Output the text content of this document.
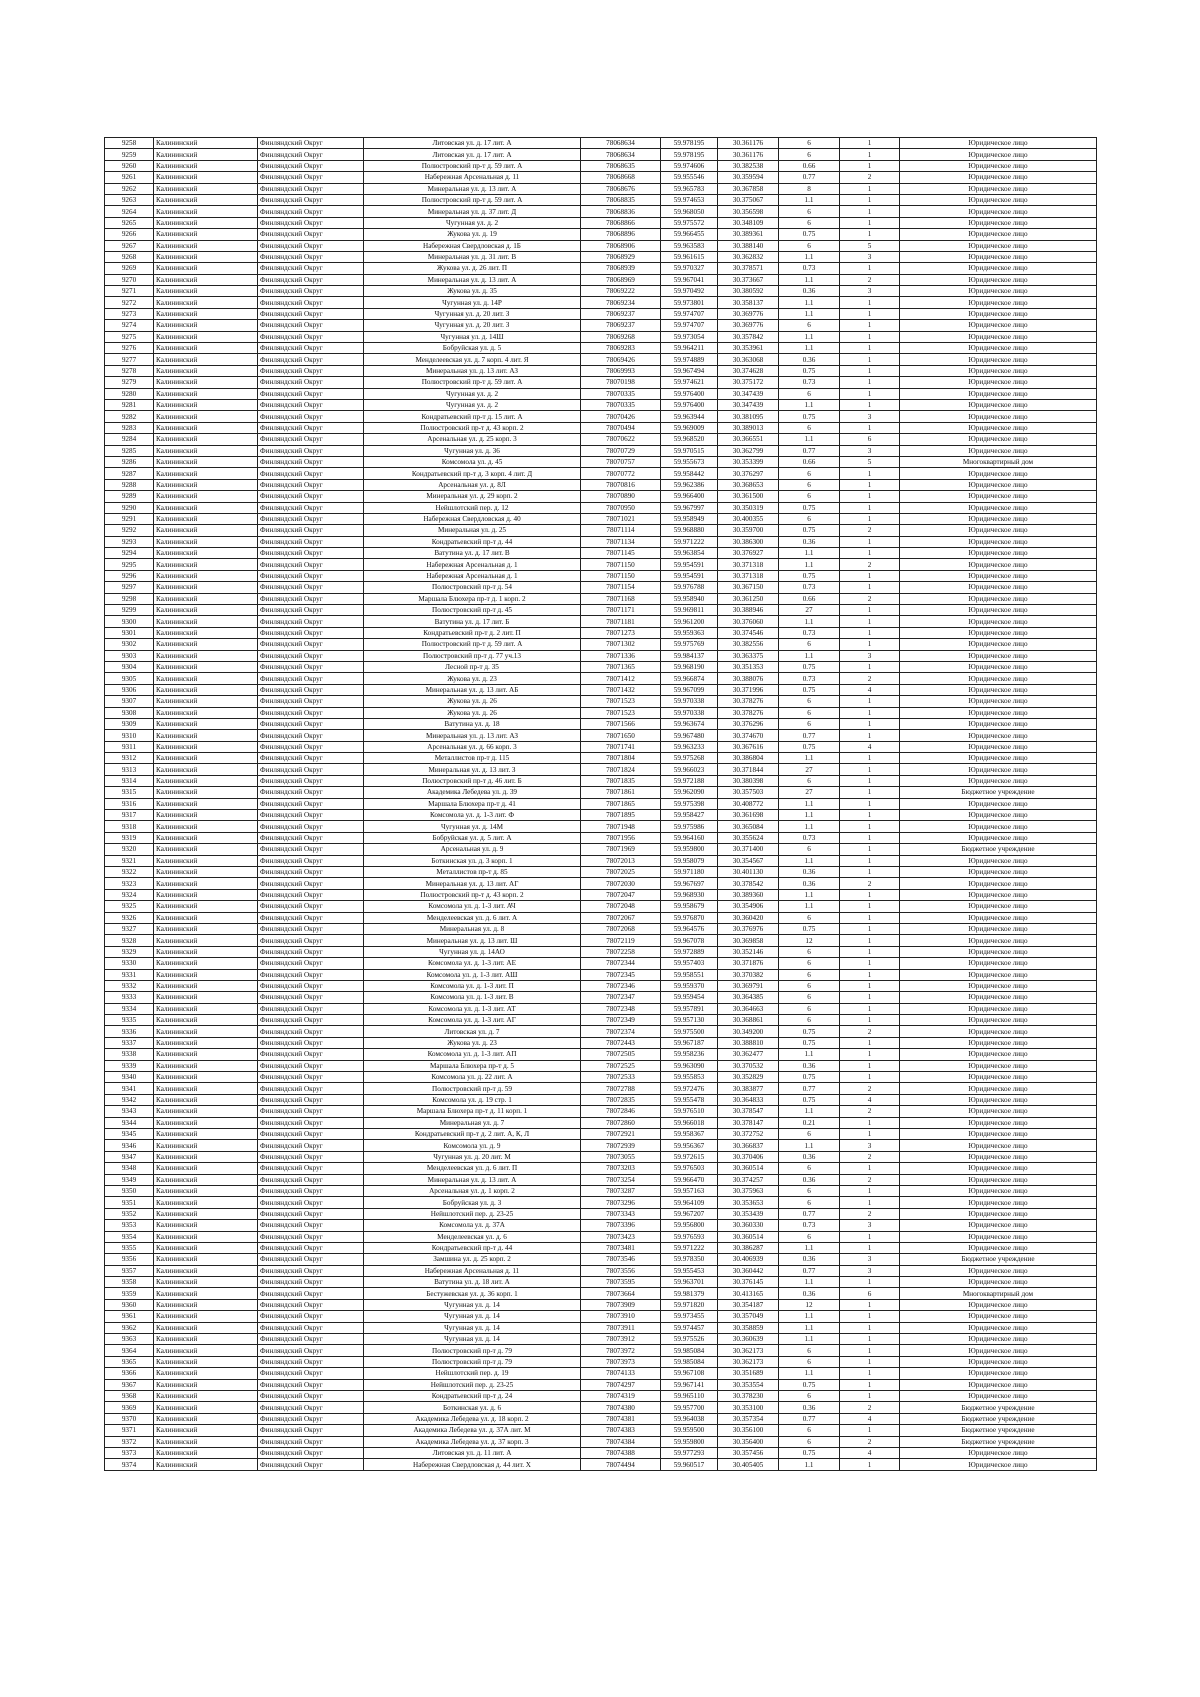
9258	Калининский	Финляндский Округ	Литовская ул. д. 17 лит. А	78068634	59.978195	30.361176	6	1	Юридическое лицо
9259	Калининский	Финляндский Округ	Литовская ул. д. 17 лит. А	78068634	59.978195	30.361176	6	1	Юридическое лицо
9260	Калининский	Финляндский Округ	Полюстровский пр-т д. 59 лит. А	78068635	59.974606	30.382538	0.66	1	Юридическое лицо
9261	Калининский	Финляндский Округ	Набережная Арсенальная д. 11	78068668	59.955546	30.359594	0.77	2	Юридическое лицо
9262	Калининский	Финляндский Округ	Минеральная ул. д. 13 лит. А	78068676	59.965783	30.367858	8	1	Юридическое лицо
9263	Калининский	Финляндский Округ	Полюстровский пр-т д. 59 лит. А	78068835	59.974653	30.375067	1.1	1	Юридическое лицо
9264	Калининский	Финляндский Округ	Минеральная ул. д. 37 лит. Д	78068836	59.968050	30.356598	6	1	Юридическое лицо
9265	Калининский	Финляндский Округ	Чугунная ул. д. 2	78068866	59.975572	30.348109	6	1	Юридическое лицо
9266	Калининский	Финляндский Округ	Жукова ул. д. 19	78068896	59.966455	30.389361	0.75	1	Юридическое лицо
9267	Калининский	Финляндский Округ	Набережная Свердловская д. 1Б	78068906	59.963583	30.388140	6	5	Юридическое лицо
9268	Калининский	Финляндский Округ	Минеральная ул. д. 31 лит. В	78068929	59.961615	30.362832	1.1	3	Юридическое лицо
9269	Калининский	Финляндский Округ	Жукова ул. д. 26 лит. П	78068939	59.970327	30.378571	0.73	1	Юридическое лицо
9270	Калининский	Финляндский Округ	Минеральная ул. д. 13 лит. А	78068969	59.967041	30.373667	1.1	2	Юридическое лицо
9271	Калининский	Финляндский Округ	Жукова ул. д. 35	78069222	59.970492	30.380592	0.36	3	Юридическое лицо
9272	Калининский	Финляндский Округ	Чугунная ул. д. 14Р	78069234	59.973801	30.358137	1.1	1	Юридическое лицо
9273	Калининский	Финляндский Округ	Чугунная ул. д. 20 лит. З	78069237	59.974707	30.369776	1.1	1	Юридическое лицо
9274	Калининский	Финляндский Округ	Чугунная ул. д. 20 лит. З	78069237	59.974707	30.369776	6	1	Юридическое лицо
9275	Калининский	Финляндский Округ	Чугунная ул. д. 14Ш	78069268	59.973054	30.357842	1.1	1	Юридическое лицо
9276	Калининский	Финляндский Округ	Бобруйская ул. д. 5	78069283	59.964211	30.353961	1.1	1	Юридическое лицо
9277	Калининский	Финляндский Округ	Менделеевская ул. д. 7 корп. 4 лит. Я	78069426	59.974889	30.363068	0.36	1	Юридическое лицо
9278	Калининский	Финляндский Округ	Минеральная ул. д. 13 лит. АЗ	78069993	59.967494	30.374628	0.75	1	Юридическое лицо
9279	Калининский	Финляндский Округ	Полюстровский пр-т д. 59 лит. А	78070198	59.974621	30.375172	0.73	1	Юридическое лицо
9280	Калининский	Финляндский Округ	Чугунная ул. д. 2	78070335	59.976400	30.347439	6	1	Юридическое лицо
9281	Калининский	Финляндский Округ	Чугунная ул. д. 2	78070335	59.976400	30.347439	1.1	1	Юридическое лицо
9282	Калининский	Финляндский Округ	Кондратьевский пр-т д. 15 лит. А	78070426	59.963944	30.381095	0.75	3	Юридическое лицо
9283	Калининский	Финляндский Округ	Полюстровский пр-т д. 43 корп. 2	78070494	59.969009	30.389013	6	1	Юридическое лицо
9284	Калининский	Финляндский Округ	Арсенальная ул. д. 25 корп. 3	78070622	59.968520	30.366551	1.1	6	Юридическое лицо
9285	Калининский	Финляндский Округ	Чугунная ул. д. 36	78070729	59.970515	30.362799	0.77	3	Юридическое лицо
9286	Калининский	Финляндский Округ	Комсомола ул. д. 45	78070757	59.955673	30.353399	0.66	5	Многоквартирный дом
9287	Калининский	Финляндский Округ	Кондратьевский пр-т д. 3 корп. 4 лит. Д	78070772	59.958442	30.376297	6	1	Юридическое лицо
9288	Калининский	Финляндский Округ	Арсенальная ул. д. 8Л	78070816	59.962386	30.368653	6	1	Юридическое лицо
9289	Калининский	Финляндский Округ	Минеральная ул. д. 29 корп. 2	78070890	59.966400	30.361500	6	1	Юридическое лицо
9290	Калининский	Финляндский Округ	Нейшлотский пер. д. 12	78070950	59.967997	30.350319	0.75	1	Юридическое лицо
9291	Калининский	Финляндский Округ	Набережная Свердловская д. 40	78071021	59.958949	30.400355	6	1	Юридическое лицо
9292	Калининский	Финляндский Округ	Минеральная ул. д. 25	78071114	59.968880	30.359700	0.75	2	Юридическое лицо
9293	Калининский	Финляндский Округ	Кондратьевский пр-т д. 44	78071134	59.971222	30.386300	0.36	1	Юридическое лицо
9294	Калининский	Финляндский Округ	Ватутина ул. д. 17 лит. В	78071145	59.963854	30.376927	1.1	1	Юридическое лицо
9295	Калининский	Финляндский Округ	Набережная Арсенальная д. 1	78071150	59.954591	30.371318	1.1	2	Юридическое лицо
9296	Калининский	Финляндский Округ	Набережная Арсенальная д. 1	78071150	59.954591	30.371318	0.75	1	Юридическое лицо
9297	Калининский	Финляндский Округ	Полюстровский пр-т д. 54	78071154	59.976788	30.367150	0.73	1	Юридическое лицо
9298	Калининский	Финляндский Округ	Маршала Блюхера пр-т д. 1 корп. 2	78071168	59.958940	30.361250	0.66	2	Юридическое лицо
9299	Калининский	Финляндский Округ	Полюстровский пр-т д. 45	78071171	59.969811	30.388946	27	1	Юридическое лицо
9300	Калининский	Финляндский Округ	Ватутина ул. д. 17 лит. Б	78071181	59.961200	30.376060	1.1	1	Юридическое лицо
9301	Калининский	Финляндский Округ	Кондратьевский пр-т д. 2 лит. П	78071273	59.959363	30.374546	0.73	1	Юридическое лицо
9302	Калининский	Финляндский Округ	Полюстровский пр-т д. 59 лит. А	78071302	59.975769	30.382556	6	1	Юридическое лицо
9303	Калининский	Финляндский Округ	Полюстровский пр-т д. 77 уч.13	78071336	59.984137	30.363375	1.1	3	Юридическое лицо
9304	Калининский	Финляндский Округ	Лесной пр-т д. 35	78071365	59.968190	30.351353	0.75	1	Юридическое лицо
9305	Калининский	Финляндский Округ	Жукова ул. д. 23	78071412	59.966874	30.388076	0.73	2	Юридическое лицо
9306	Калининский	Финляндский Округ	Минеральная ул. д. 13 лит. АБ	78071432	59.967099	30.371996	0.75	4	Юридическое лицо
9307	Калининский	Финляндский Округ	Жукова ул. д. 26	78071523	59.970338	30.378276	6	1	Юридическое лицо
9308	Калининский	Финляндский Округ	Жукова ул. д. 26	78071523	59.970338	30.378276	6	1	Юридическое лицо
9309	Калининский	Финляндский Округ	Ватутина ул. д. 18	78071566	59.963674	30.376296	6	1	Юридическое лицо
9310	Калининский	Финляндский Округ	Минеральная ул. д. 13 лит. АЗ	78071650	59.967480	30.374670	0.77	1	Юридическое лицо
9311	Калининский	Финляндский Округ	Арсенальная ул. д. 66 корп. 3	78071741	59.963233	30.367616	0.75	4	Юридическое лицо
9312	Калининский	Финляндский Округ	Металлистов пр-т д. 115	78071804	59.975268	30.386804	1.1	1	Юридическое лицо
9313	Калининский	Финляндский Округ	Минеральная ул. д. 13 лит. З	78071824	59.966023	30.371844	27	1	Юридическое лицо
9314	Калининский	Финляндский Округ	Полюстровский пр-т д. 46 лит. Б	78071835	59.972188	30.380398	6	1	Юридическое лицо
9315	Калининский	Финляндский Округ	Академика Лебедева ул. д. 39	78071861	59.962090	30.357503	27	1	Бюджетное учреждение
9316	Калининский	Финляндский Округ	Маршала Блюхера пр-т д. 41	78071865	59.975398	30.408772	1.1	1	Юридическое лицо
9317	Калининский	Финляндский Округ	Комсомола ул. д. 1-3 лит. Ф	78071895	59.958427	30.361698	1.1	1	Юридическое лицо
9318	Калининский	Финляндский Округ	Чугунная ул. д. 14М	78071948	59.975986	30.365084	1.1	1	Юридическое лицо
9319	Калининский	Финляндский Округ	Бобруйская ул. д. 5 лит. А	78071956	59.964160	30.355624	0.73	1	Юридическое лицо
9320	Калининский	Финляндский Округ	Арсенальная ул. д. 9	78071969	59.959800	30.371400	6	1	Бюджетное учреждение
9321	Калининский	Финляндский Округ	Боткинская ул. д. 3 корп. 1	78072013	59.958079	30.354567	1.1	1	Юридическое лицо
9322	Калининский	Финляндский Округ	Металлистов пр-т д. 85	78072025	59.971180	30.401130	0.36	1	Юридическое лицо
9323	Калининский	Финляндский Округ	Минеральная ул. д. 13 лит. АГ	78072030	59.967697	30.378542	0.36	2	Юридическое лицо
9324	Калининский	Финляндский Округ	Полюстровский пр-т д. 43 корп. 2	78072047	59.968930	30.389360	1.1	1	Юридическое лицо
9325	Калининский	Финляндский Округ	Комсомола ул. д. 1-3 лит. АЧ	78072048	59.958679	30.354906	1.1	1	Юридическое лицо
9326	Калининский	Финляндский Округ	Менделеевская ул. д. 6 лит. А	78072067	59.976870	30.360420	6	1	Юридическое лицо
9327	Калининский	Финляндский Округ	Минеральная ул. д. 8	78072068	59.964576	30.376976	0.75	1	Юридическое лицо
9328	Калининский	Финляндский Округ	Минеральная ул. д. 13 лит. Ш	78072119	59.967078	30.369858	12	1	Юридическое лицо
9329	Калининский	Финляндский Округ	Чугунная ул. д. 14АО	78072258	59.972889	30.352146	6	1	Юридическое лицо
9330	Калининский	Финляндский Округ	Комсомола ул. д. 1-3 лит. АЕ	78072344	59.957403	30.371876	6	1	Юридическое лицо
9331	Калининский	Финляндский Округ	Комсомола ул. д. 1-3 лит. АШ	78072345	59.958551	30.370382	6	1	Юридическое лицо
9332	Калининский	Финляндский Округ	Комсомола ул. д. 1-3 лит. П	78072346	59.959370	30.369791	6	1	Юридическое лицо
9333	Калининский	Финляндский Округ	Комсомола ул. д. 1-3 лит. В	78072347	59.959454	30.364385	6	1	Юридическое лицо
9334	Калининский	Финляндский Округ	Комсомола ул. д. 1-3 лит. АТ	78072348	59.957891	30.364663	6	1	Юридическое лицо
9335	Калининский	Финляндский Округ	Комсомола ул. д. 1-3 лит. АГ	78072349	59.957130	30.368861	6	1	Юридическое лицо
9336	Калининский	Финляндский Округ	Литовская ул. д. 7	78072374	59.975500	30.349200	0.75	2	Юридическое лицо
9337	Калининский	Финляндский Округ	Жукова ул. д. 23	78072443	59.967187	30.388810	0.75	1	Юридическое лицо
9338	Калининский	Финляндский Округ	Комсомола ул. д. 1-3 лит. АП	78072505	59.958236	30.362477	1.1	1	Юридическое лицо
9339	Калининский	Финляндский Округ	Маршала Блюхера пр-т д. 5	78072525	59.963090	30.370532	0.36	1	Юридическое лицо
9340	Калининский	Финляндский Округ	Комсомола ул. д. 22 лит. А	78072533	59.955853	30.352829	0.75	1	Юридическое лицо
9341	Калининский	Финляндский Округ	Полюстровский пр-т д. 59	78072788	59.972476	30.383877	0.77	2	Юридическое лицо
9342	Калининский	Финляндский Округ	Комсомола ул. д. 19 стр. 1	78072835	59.955478	30.364833	0.75	4	Юридическое лицо
9343	Калининский	Финляндский Округ	Маршала Блюхера пр-т д. 11 корп. 1	78072846	59.976510	30.378547	1.1	2	Юридическое лицо
9344	Калининский	Финляндский Округ	Минеральная ул. д. 7	78072860	59.966018	30.378147	0.21	1	Юридическое лицо
9345	Калининский	Финляндский Округ	Кондратьевский пр-т д. 2 лит. А, К, Л	78072921	59.958367	30.372752	6	1	Юридическое лицо
9346	Калининский	Финляндский Округ	Комсомола ул. д. 9	78072939	59.956367	30.366837	1.1	3	Юридическое лицо
9347	Калининский	Финляндский Округ	Чугунная ул. д. 20 лит. М	78073055	59.972615	30.370406	0.36	2	Юридическое лицо
9348	Калининский	Финляндский Округ	Менделеевская ул. д. 6 лит. П	78073203	59.976503	30.360514	6	1	Юридическое лицо
9349	Калининский	Финляндский Округ	Минеральная ул. д. 13 лит. А	78073254	59.966470	30.374257	0.36	2	Юридическое лицо
9350	Калининский	Финляндский Округ	Арсенальная ул. д. 1 корп. 2	78073287	59.957163	30.375963	6	1	Юридическое лицо
9351	Калининский	Финляндский Округ	Бобруйская ул. д. 3	78073296	59.964109	30.353653	6	1	Юридическое лицо
9352	Калининский	Финляндский Округ	Нейшлотский пер. д. 23-25	78073343	59.967207	30.353439	0.77	2	Юридическое лицо
9353	Калининский	Финляндский Округ	Комсомола ул. д. 37А	78073396	59.956800	30.360330	0.73	3	Юридическое лицо
9354	Калининский	Финляндский Округ	Менделеевская ул. д. 6	78073423	59.976593	30.360514	6	1	Юридическое лицо
9355	Калининский	Финляндский Округ	Кондратьевский пр-т д. 44	78073481	59.971222	30.386287	1.1	1	Юридическое лицо
9356	Калининский	Финляндский Округ	Замшина ул. д. 25 корп. 2	78073546	59.978350	30.406939	0.36	3	Бюджетное учреждение
9357	Калининский	Финляндский Округ	Набережная Арсенальная д. 11	78073556	59.955453	30.360442	0.77	3	Юридическое лицо
9358	Калининский	Финляндский Округ	Ватутина ул. д. 18 лит. А	78073595	59.963701	30.376145	1.1	1	Юридическое лицо
9359	Калининский	Финляндский Округ	Бестужевская ул. д. 36 корп. 1	78073664	59.981379	30.413165	0.36	6	Многоквартирный дом
9360	Калининский	Финляндский Округ	Чугунная ул. д. 14	78073909	59.971820	30.354187	12	1	Юридическое лицо
9361	Калининский	Финляндский Округ	Чугунная ул. д. 14	78073910	59.973455	30.357049	1.1	1	Юридическое лицо
9362	Калининский	Финляндский Округ	Чугунная ул. д. 14	78073911	59.974457	30.358859	1.1	1	Юридическое лицо
9363	Калининский	Финляндский Округ	Чугунная ул. д. 14	78073912	59.975526	30.360639	1.1	1	Юридическое лицо
9364	Калининский	Финляндский Округ	Полюстровский пр-т д. 79	78073972	59.985084	30.362173	6	1	Юридическое лицо
9365	Калининский	Финляндский Округ	Полюстровский пр-т д. 79	78073973	59.985084	30.362173	6	1	Юридическое лицо
9366	Калининский	Финляндский Округ	Нейшлотский пер. д. 19	78074133	59.967108	30.351689	1.1	1	Юридическое лицо
9367	Калининский	Финляндский Округ	Нейшлотский пер. д. 23-25	78074297	59.967141	30.353554	0.75	1	Юридическое лицо
9368	Калининский	Финляндский Округ	Кондратьевский пр-т д. 24	78074319	59.965110	30.378230	6	1	Юридическое лицо
9369	Калининский	Финляндский Округ	Боткинская ул. д. 6	78074380	59.957700	30.353100	0.36	2	Бюджетное учреждение
9370	Калининский	Финляндский Округ	Академика Лебедева ул. д. 18 корп. 2	78074381	59.964038	30.357354	0.77	4	Бюджетное учреждение
9371	Калининский	Финляндский Округ	Академика Лебедева ул. д. 37А лит. М	78074383	59.959500	30.356100	6	1	Бюджетное учреждение
9372	Калининский	Финляндский Округ	Академика Лебедева ул. д. 37 корп. 3	78074384	59.959800	30.356400	6	2	Бюджетное учреждение
9373	Калининский	Финляндский Округ	Литовская ул. д. 11 лит. А	78074388	59.977293	30.357456	0.75	4	Юридическое лицо
9374	Калининский	Финляндский Округ	Набережная Свердловская д. 44 лит. Х	78074494	59.960517	30.405405	1.1	1	Юридическое лицо
